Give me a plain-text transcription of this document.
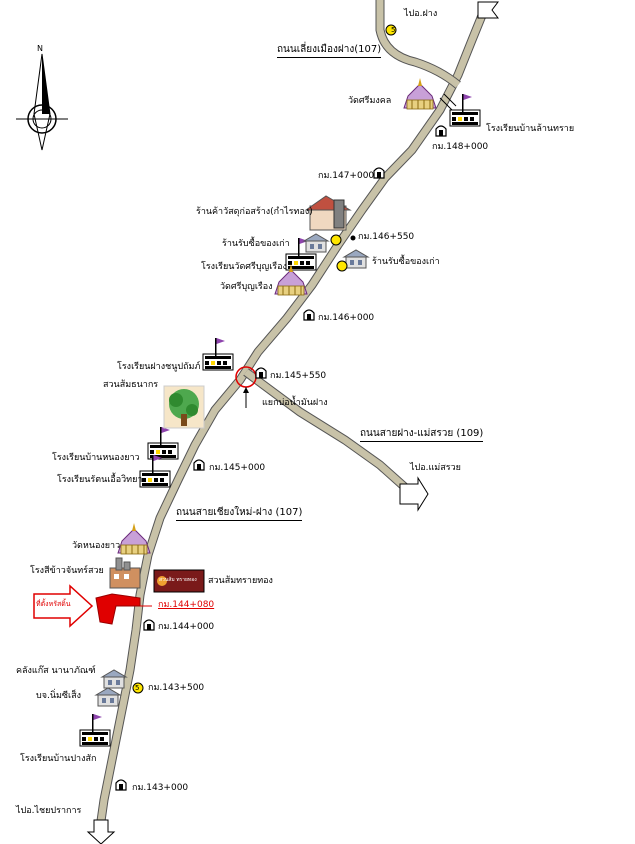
N
5
5
ไปอ.ฝาง
ถนนเลี่ยงเมืองฝาง(107)
วัดศรีมงคล
โรงเรียนบ้านล้านทราย
กม.148+000
กม.147+000
ร้านค้าวัสดุก่อสร้าง(กำไรทอง)
ร้านรับซื้อของเก่า
กม.146+550
ร้านรับซื้อของเก่า
โรงเรียนวัดศรีบุญเรือง
วัดศรีบุญเรือง
กม.146+000
โรงเรียนฝางชนูปถัมภ์
กม.145+550
สวนส้มธนากร
แยกบ่อน้ำมันฝาง
ถนนสายฝาง-แม่สรวย (109)
โรงเรียนบ้านหนองยาว
กม.145+000	ไปอ.แม่สรวย
โรงเรียนรัตนเอื้อวิทยา
ถนนสายเชียงใหม่-ฝาง (107)
วัดหนองยาว
โรงสีข้าวจันทร์สวย
สวนส้ม ทรายทอง สวนส้มทรายทอง
ที่ตั้งหรัสดิ้น	กม.144+080
กม.144+000
คลังแก๊ส นานาภัณฑ์
กม.143+500
บจ.นิ่มซีเส็ง
โรงเรียนบ้านปางสัก
กม.143+000
ไปอ.ไชยปราการ
